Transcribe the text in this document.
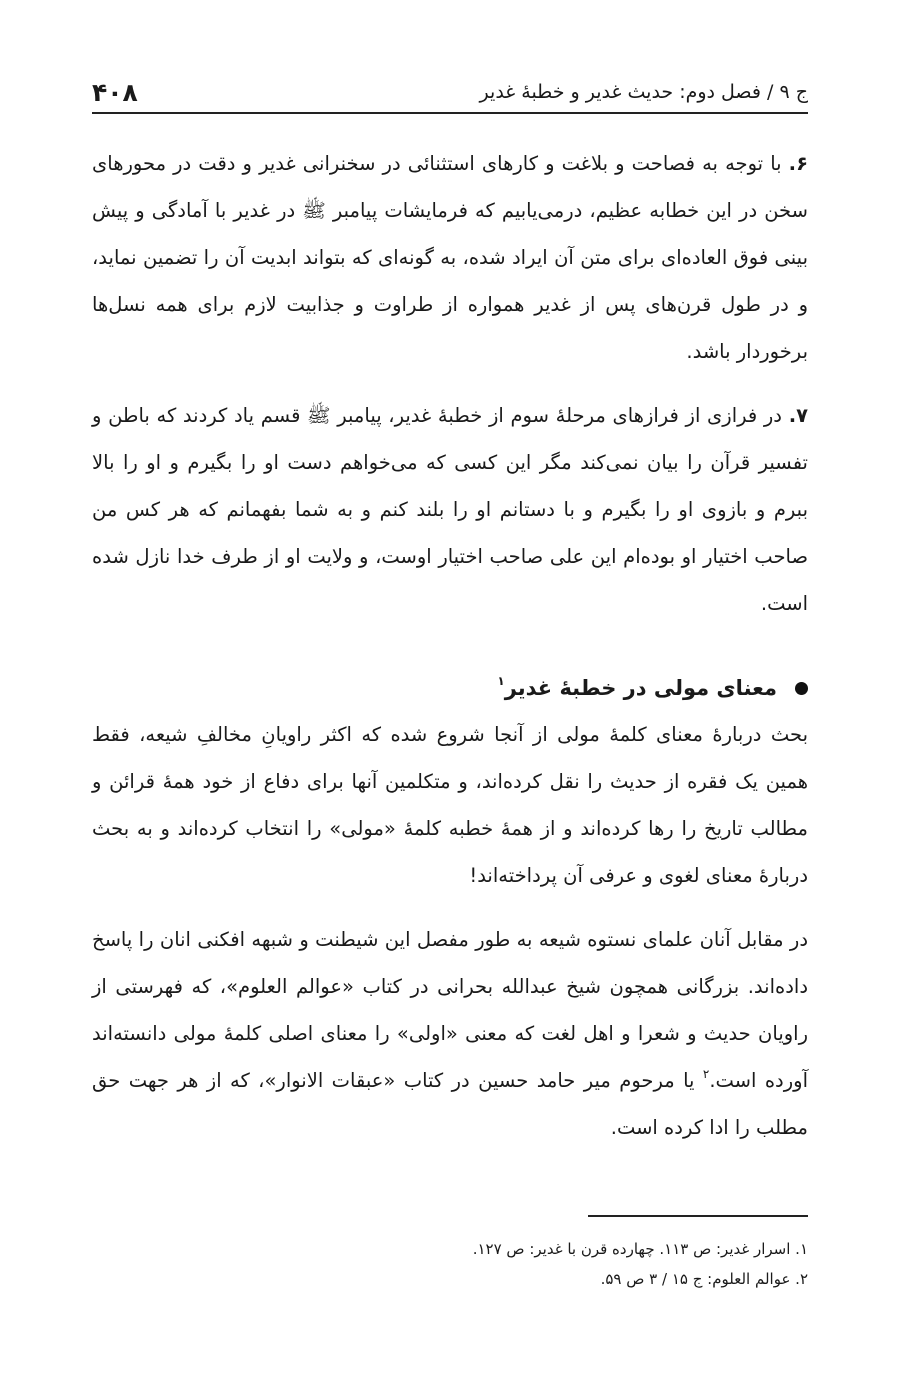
ج ۹ / فصل دوم: حدیث غدیر و خطبهٔ غدیر
۴۰۸

۶. با توجه به فصاحت و بلاغت و کارهای استثنائی در سخنرانی غدیر و دقت در محورهای سخن در این خطابه عظیم، درمی‌یابیم که فرمایشات پیامبر ﷺ در غدیر با آمادگی و پیش بینی فوق العاده‌ای برای متن آن ایراد شده، به گونه‌ای که بتواند ابدیت آن را تضمین نماید، و در طول قرن‌های پس از غدیر همواره از طراوت و جذابیت لازم برای همه نسل‌ها برخوردار باشد.

۷. در فرازی از فرازهای مرحلهٔ سوم از خطبهٔ غدیر، پیامبر ﷺ قسم یاد کردند که باطن و تفسیر قرآن را بیان نمی‌کند مگر این کسی که می‌خواهم دست او را بگیرم و او را بالا ببرم و بازوی او را بگیرم و با دستانم او را بلند کنم و به شما بفهمانم که هر کس من صاحب اختیار او بوده‌ام این علی صاحب اختیار اوست، و ولایت او از طرف خدا نازل شده است.

معنای مولی در خطبهٔ غدیر$^۱$

بحث دربارهٔ معنای کلمهٔ مولی از آنجا شروع شده که اکثر راویانِ مخالفِ شیعه، فقط همین یک فقره از حدیث را نقل کرده‌اند، و متکلمین آنها برای دفاع از خود همهٔ قرائن و مطالب تاریخ را رها کرده‌اند و از همهٔ خطبه کلمهٔ «مولی» را انتخاب کرده‌اند و به بحث دربارهٔ معنای لغوی و عرفی آن پرداخته‌اند!

در مقابل آنان علمای نستوه شیعه به طور مفصل این شیطنت و شبهه افکنی انان را پاسخ داده‌اند. بزرگانی همچون شیخ عبدالله بحرانی در کتاب «عوالم العلوم»، که فهرستی از راویان حدیث و شعرا و اهل لغت که معنی «اولی» را معنای اصلی کلمهٔ مولی دانسته‌اند آورده است.$^۲$ یا مرحوم میر حامد حسین در کتاب «عبقات الانوار»، که از هر جهت حق مطلب را ادا کرده است.

۱. اسرار غدیر: ص ۱۱۳. چهارده قرن با غدیر: ص ۱۲۷.

۲. عوالم العلوم: ج ۱۵ / ۳ ص ۵۹.
